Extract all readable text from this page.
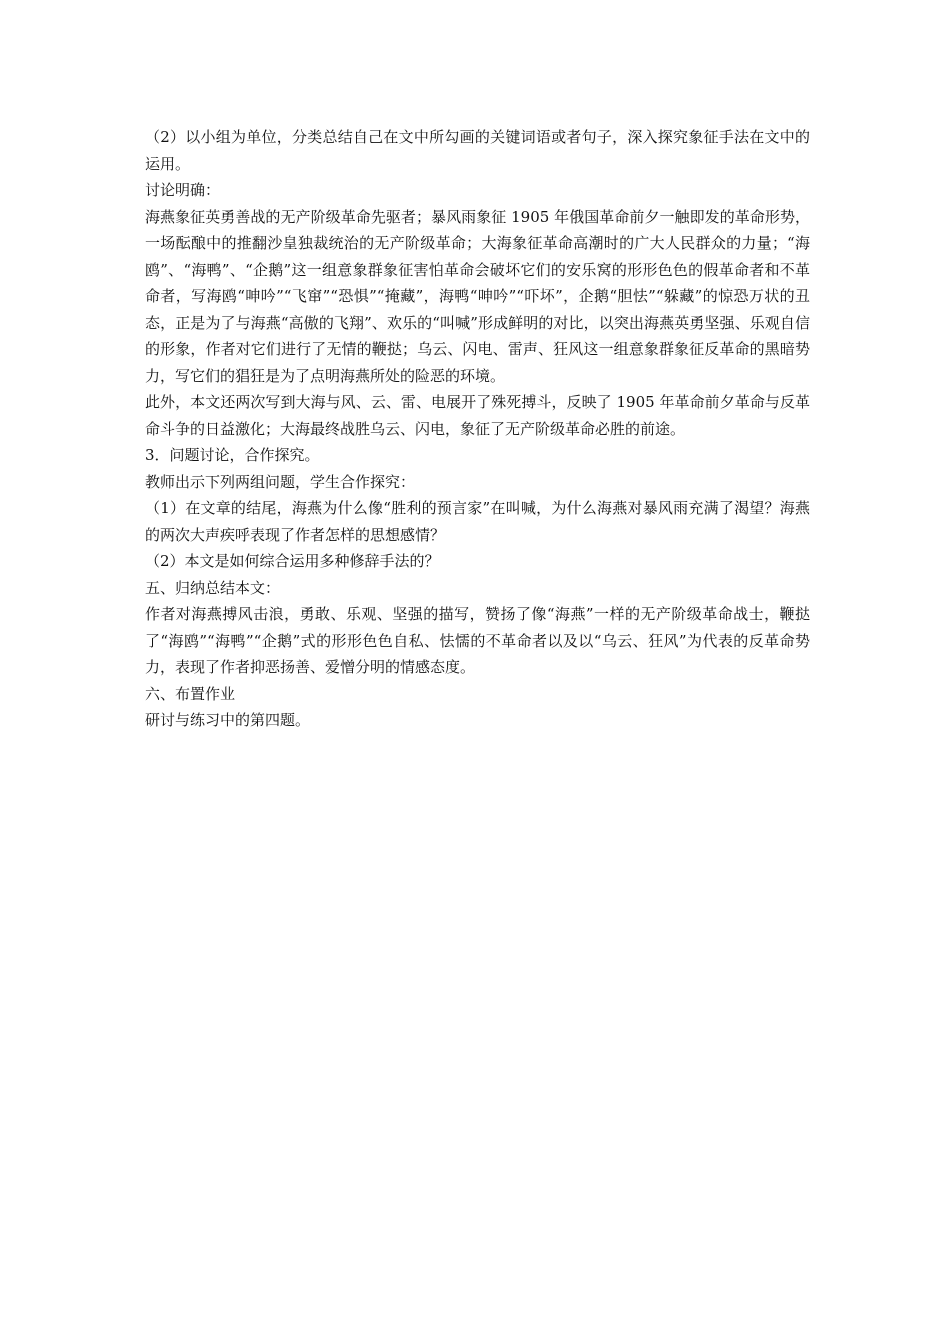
（2）以小组为单位，分类总结自己在文中所勾画的关键词语或者句子，深入探究象征手法在文中的运用。

讨论明确：

海燕象征英勇善战的无产阶级革命先驱者；暴风雨象征 1905 年俄国革命前夕一触即发的革命形势，一场酝酿中的推翻沙皇独裁统治的无产阶级革命；大海象征革命高潮时的广大人民群众的力量；“海鸥”、“海鸭”、“企鹅”这一组意象群象征害怕革命会破坏它们的安乐窝的形形色色的假革命者和不革命者，写海鸥“呻吟”“飞窜”“恐惧”“掩藏”，海鸭“呻吟”“吓坏”，企鹅“胆怯”“躲藏”的惊恐万状的丑态，正是为了与海燕“高傲的飞翔”、欢乐的“叫喊”形成鲜明的对比，以突出海燕英勇坚强、乐观自信的形象，作者对它们进行了无情的鞭挞；乌云、闪电、雷声、狂风这一组意象群象征反革命的黑暗势力，写它们的猖狂是为了点明海燕所处的险恶的环境。

此外，本文还两次写到大海与风、云、雷、电展开了殊死搏斗，反映了 1905 年革命前夕革命与反革命斗争的日益激化；大海最终战胜乌云、闪电，象征了无产阶级革命必胜的前途。

3．问题讨论，合作探究。

教师出示下列两组问题，学生合作探究：

（1）在文章的结尾，海燕为什么像“胜利的预言家”在叫喊，为什么海燕对暴风雨充满了渴望？海燕的两次大声疾呼表现了作者怎样的思想感情？

（2）本文是如何综合运用多种修辞手法的？

五、归纳总结本文：

作者对海燕搏风击浪，勇敢、乐观、坚强的描写，赞扬了像“海燕”一样的无产阶级革命战士，鞭挞了“海鸥”“海鸭”“企鹅”式的形形色色自私、怯懦的不革命者以及以“乌云、狂风”为代表的反革命势力，表现了作者抑恶扬善、爱憎分明的情感态度。

六、布置作业

研讨与练习中的第四题。
